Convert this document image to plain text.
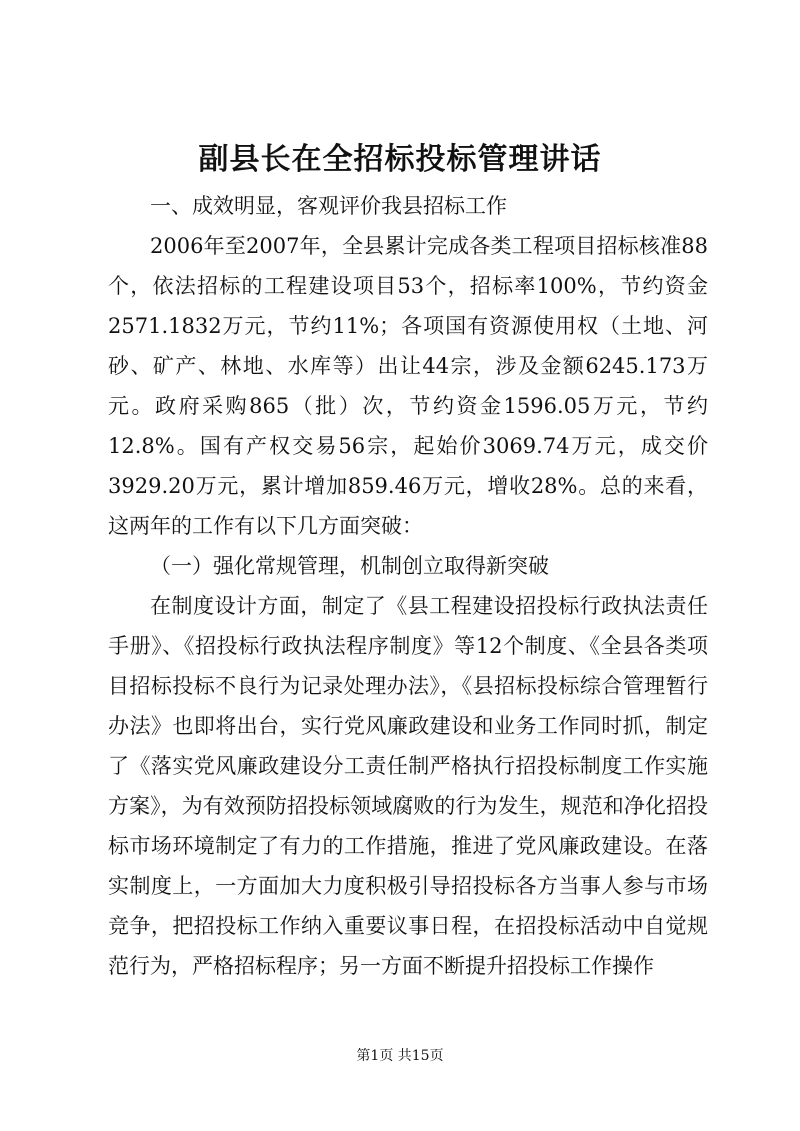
副县长在全招标投标管理讲话

一、成效明显，客观评价我县招标工作

2006年至2007年，全县累计完成各类工程项目招标核准88个，依法招标的工程建设项目53个，招标率100%，节约资金2571.1832万元，节约11%；各项国有资源使用权（土地、河砂、矿产、林地、水库等）出让44宗，涉及金额6245.173万元。政府采购865（批）次，节约资金1596.05万元，节约12.8%。国有产权交易56宗，起始价3069.74万元，成交价3929.20万元，累计增加859.46万元，增收28%。总的来看，这两年的工作有以下几方面突破：

（一）强化常规管理，机制创立取得新突破

在制度设计方面，制定了《县工程建设招投标行政执法责任手册》、《招投标行政执法程序制度》等12个制度、《全县各类项目招标投标不良行为记录处理办法》，《县招标投标综合管理暂行办法》也即将出台，实行党风廉政建设和业务工作同时抓，制定了《落实党风廉政建设分工责任制严格执行招投标制度工作实施方案》，为有效预防招投标领域腐败的行为发生，规范和净化招投标市场环境制定了有力的工作措施，推进了党风廉政建设。在落实制度上，一方面加大力度积极引导招投标各方当事人参与市场竞争，把招投标工作纳入重要议事日程，在招投标活动中自觉规范行为，严格招标程序；另一方面不断提升招投标工作操作

第1页 共15页
